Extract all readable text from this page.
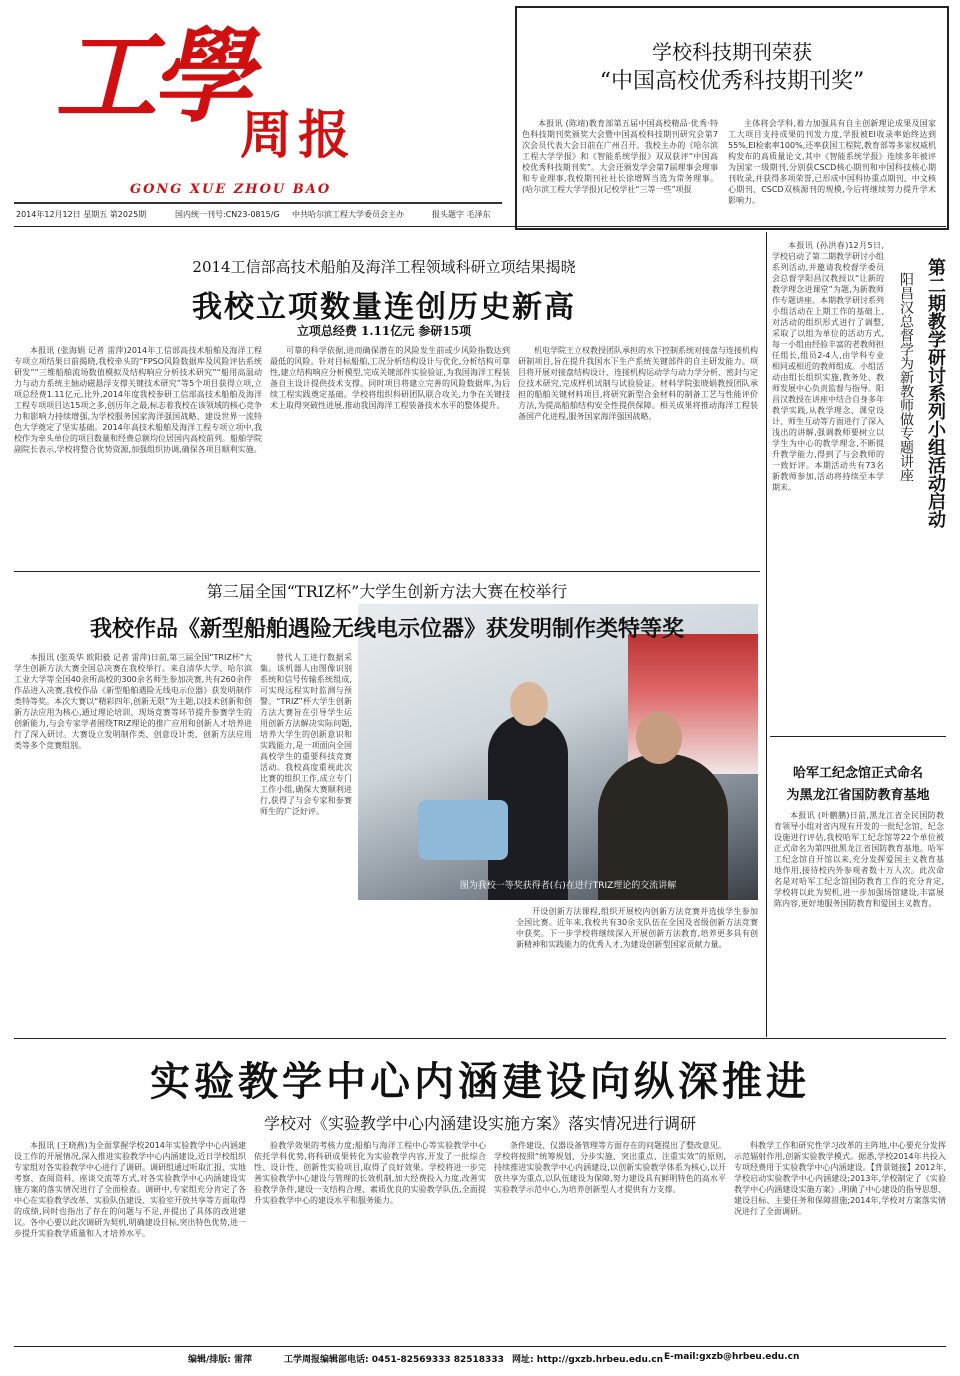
工學
周报
GONG XUE ZHOU BAO
2014年12月12日 星期五 第2025期	国内统一刊号:CN23-0815/G 中共哈尔滨工程大学委员会主办	报头题字 毛泽东
学校科技期刊荣获
“中国高校优秀科技期刊奖”

本报讯 (陈靖)教育部第五届中国高校精品·优秀·特色科技期刊奖颁奖大会暨中国高校科技期刊研究会第7次会员代表大会日前在广州召开。我校主办的《哈尔滨工程大学学报》和《智能系统学报》双双获评“中国高校优秀科技期刊奖”。大会还颁发学会第7届理事会理事和专业理事,我校期刊社社长徐增辉当选为常务理事。 (哈尔滨工程大学学报)(记校学社“三等一些”项报

主体将会学科,着力加强具有自主创新理论成果及国家工大项目支持成果的刊发力度,学报被EI收录率始终达到55%,EI检索率100%,还率获国工程院,教育部等多家权威机构发布的高质量论文,其中《智能系统学报》连续多年被评为国家一级期刊,分别获CSCD核心期刊和中国科技核心期刊收录,并获得多项荣誉,已形成中国科协重点期刊、中文核心期刊、CSCD双核源刊的规模,今后将继续努力提升学术影响力。

2014工信部高技术船舶及海洋工程领域科研立项结果揭晓
我校立项数量连创历史新高
立项总经费 1.11亿元 参研15项

本报讯 (张海娟 记者 雷萍)2014年工信部高技术船舶及海洋工程专项立项结果日前揭晓,我校牵头的“FPSO风险数据库及风险评估系统研发”“三维船舶流场数值模拟及结构响应分析技术研究”“船用高温动力与动力系统主轴动磁悬浮支撑关键技术研究”等5个项目获得立项,立项总经费1.11亿元,比外,2014年度我校参研工信部高技术船舶及海洋工程专项项目达15项之多,创历年之最,标志着我校在该领域的核心竞争力和影响力持续增强,为学校服务国家海洋强国战略、建设世界一流特色大学奠定了坚实基础。2014年高技术船舶及海洋工程专项立项中,我校作为牵头单位的项目数量和经费总额均位居国内高校前列。船舶学院副院长表示,学校将整合优势资源,加强组织协调,确保各项目顺利实施。

可靠的科学依据,进而确保潜在的风险发生前或少风险指数达到最低的风险。针对目标船舶,工况分析结构设计与优化,分析结构可靠性,建立结构响应分析模型,完成关键部件实验验证,为我国海洋工程装备自主设计提供技术支撑。同时项目将建立完善的风险数据库,为后续工程实践奠定基础。学校将组织科研团队联合攻关,力争在关键技术上取得突破性进展,推动我国海洋工程装备技术水平的整体提升。

机电学院王立权教授团队承担的水下控制系统对接盘与连接机构研制项目,旨在提升我国水下生产系统关键部件的自主研发能力。项目将开展对接盘结构设计、连接机构运动学与动力学分析、密封与定位技术研究,完成样机试制与试验验证。材料学院张晓娟教授团队承担的船舶关键材料项目,将研究新型合金材料的制备工艺与性能评价方法,为提高船舶结构安全性提供保障。相关成果将推动海洋工程装备国产化进程,服务国家海洋强国战略。	第二期教学研讨系列小组活动启动
阳昌汉总督学为新教师做专题讲座

本报讯 (孙洪春)12月5日,学校启动了第二期教学研讨小组系列活动,并邀请我校督学委员会总督学阳昌汉教授以“让新的教学理念进课堂”为题,为新教师作专题讲座。本期教学研讨系列小组活动在上期工作的基础上,对活动的组织形式进行了调整,采取了以组为单位的活动方式,每一小组由经验丰富的老教师担任组长,组员2-4人,由学科专业相同或相近的教师组成。小组活动由组长组织实施,教务处、教师发展中心负责监督与指导。阳昌汉教授在讲座中结合自身多年教学实践,从教学理念、课堂设计、师生互动等方面进行了深入浅出的讲解,强调教师要树立以学生为中心的教学理念,不断提升教学能力,得到了与会教师的一致好评。本期活动共有73名新教师参加,活动将持续至本学期末。

哈军工纪念馆正式命名
为黑龙江省国防教育基地

本报讯 (叶鹏鹏)日前,黑龙江省全民国防教育领导小组对省内现有开发的一批纪念馆、纪念设施进行评估,我校哈军工纪念馆等22个单位被正式命名为第四批黑龙江省国防教育基地。哈军工纪念馆自开馆以来,充分发挥爱国主义教育基地作用,接待校内外参观者数十万人次。此次命名是对哈军工纪念馆国防教育工作的充分肯定,学校将以此为契机,进一步加强场馆建设,丰富展陈内容,更好地服务国防教育和爱国主义教育。

第三届全国“TRIZ杯”大学生创新方法大赛在校举行
我校作品《新型船舶遇险无线电示位器》获发明制作类特等奖
图为我校一等奖获得者(右)在进行TRIZ理论的交流讲解

本报讯 (张英华 欧阳毅 记者 雷萍)日前,第三届全国“TRIZ杯”大学生创新方法大赛全国总决赛在我校举行。来自清华大学、哈尔滨工业大学等全国40余所高校的300余名师生参加决赛,共有260余件作品进入决赛,我校作品《新型船舶遇险无线电示位器》获发明制作类特等奖。本次大赛以“精彩四年,创新无限”为主题,以技术创新和创新方法应用为核心,通过理论培训、现场竞赛等环节提升参赛学生的创新能力,与会专家学者围绕TRIZ理论的推广应用和创新人才培养进行了深入研讨。大赛设立发明制作类、创意设计类、创新方法应用类等多个竞赛组别。

替代人工进行数据采集。该机器人由图像识别系统和信号传输系统组成,可实现远程实时监测与预警。“TRIZ”杯大学生创新方法大赛旨在引导学生运用创新方法解决实际问题,培养大学生的创新意识和实践能力,是一项面向全国高校学生的重要科技竞赛活动。我校高度重视此次比赛的组织工作,成立专门工作小组,确保大赛顺利进行,获得了与会专家和参赛师生的广泛好评。

开设创新方法课程,组织开展校内创新方法竞赛并选拔学生参加全国比赛。近年来,我校共有30余支队伍在全国及省级创新方法竞赛中获奖。下一步学校将继续深入开展创新方法教育,培养更多具有创新精神和实践能力的优秀人才,为建设创新型国家贡献力量。

实验教学中心内涵建设向纵深推进
学校对《实验教学中心内涵建设实施方案》落实情况进行调研

本报讯 (王晓燕)为全面掌握学校2014年实验教学中心内涵建设工作的开展情况,深入推进实验教学中心内涵建设,近日学校组织专家组对各实验教学中心进行了调研。调研组通过听取汇报、实地考察、查阅资料、座谈交流等方式,对各实验教学中心内涵建设实施方案的落实情况进行了全面检查。调研中,专家组充分肯定了各中心在实验教学改革、实验队伍建设、实验室开放共享等方面取得的成绩,同时也指出了存在的问题与不足,并提出了具体的改进建议。各中心要以此次调研为契机,明确建设目标,突出特色优势,进一步提升实验教学质量和人才培养水平。

验教学效果的考核力度;船舶与海洋工程中心等实验教学中心依托学科优势,将科研成果转化为实验教学内容,开发了一批综合性、设计性、创新性实验项目,取得了良好效果。学校将进一步完善实验教学中心建设与管理的长效机制,加大经费投入力度,改善实验教学条件,建设一支结构合理、素质优良的实验教学队伍,全面提升实验教学中心的建设水平和服务能力。

条件建设、仪器设备管理等方面存在的问题提出了整改意见。学校将按照“统筹规划、分步实施、突出重点、注重实效”的原则,持续推进实验教学中心内涵建设,以创新实验教学体系为核心,以开放共享为重点,以队伍建设为保障,努力建设具有鲜明特色的高水平实验教学示范中心,为培养创新型人才提供有力支撑。

科教学工作和研究性学习改革的主阵地,中心要充分发挥示范辐射作用,创新实验教学模式。据悉,学校2014年共投入专项经费用于实验教学中心内涵建设。【背景链接】2012年,学校启动实验教学中心内涵建设;2013年,学校制定了《实验教学中心内涵建设实施方案》,明确了中心建设的指导思想、建设目标、主要任务和保障措施;2014年,学校对方案落实情况进行了全面调研。

编辑/排版: 雷萍	工学周报编辑部电话: 0451-82569333 82518333 网址: http://gxzb.hrbeu.edu.cn E-mail:gxzb@hrbeu.edu.cn
